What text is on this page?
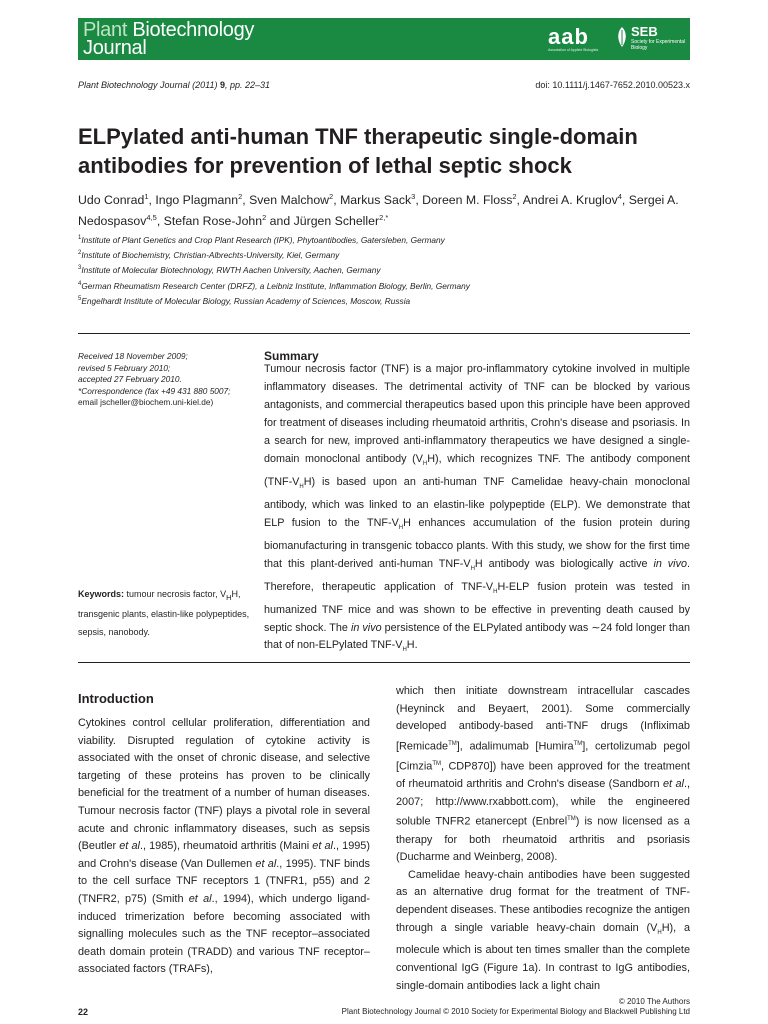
Plant Biotechnology
Journal	aab
Association of Applied Biologists
SEB
Society for Experimental Biology
Plant Biotechnology Journal (2011) 9, pp. 22–31	doi: 10.1111/j.1467-7652.2010.00523.x
ELPylated anti-human TNF therapeutic single-domain antibodies for prevention of lethal septic shock
Udo Conrad$^1$, Ingo Plagmann$^2$, Sven Malchow$^2$, Markus Sack$^3$, Doreen M. Floss$^2$, Andrei A. Kruglov$^4$, Sergei A. Nedospasov$^{4,5}$, Stefan Rose-John$^2$ and Jürgen Scheller$^{2,*}$
$^1$Institute of Plant Genetics and Crop Plant Research (IPK), Phytoantibodies, Gatersleben, Germany
$^2$Institute of Biochemistry, Christian-Albrechts-University, Kiel, Germany
$^3$Institute of Molecular Biotechnology, RWTH Aachen University, Aachen, Germany
$^4$German Rheumatism Research Center (DRFZ), a Leibniz Institute, Inflammation Biology, Berlin, Germany
$^5$Engelhardt Institute of Molecular Biology, Russian Academy of Sciences, Moscow, Russia
Received 18 November 2009;
revised 5 February 2010;
accepted 27 February 2010.
*Correspondence (fax +49 431 880 5007;
email jscheller@biochem.uni-kiel.de)
Keywords: tumour necrosis factor, $V_HH$, transgenic plants, elastin-like polypeptides, sepsis, nanobody.
Summary
Tumour necrosis factor (TNF) is a major pro-inflammatory cytokine involved in multiple inflammatory diseases. The detrimental activity of TNF can be blocked by various antagonists, and commercial therapeutics based upon this principle have been approved for treatment of diseases including rheumatoid arthritis, Crohn's disease and psoriasis. In a search for new, improved anti-inflammatory therapeutics we have designed a single-domain monoclonal antibody $(V_HH)$, which recognizes TNF. The antibody component $(TNF-V_HH)$ is based upon an anti-human TNF Camelidae heavy-chain monoclonal antibody, which was linked to an elastin-like polypeptide (ELP). We demonstrate that ELP fusion to the TNF-$V_HH$ enhances accumulation of the fusion protein during biomanufacturing in transgenic tobacco plants. With this study, we show for the first time that this plant-derived anti-human TNF-$V_HH$ antibody was biologically active in vivo. Therefore, therapeutic application of TNF-$V_HH$-ELP fusion protein was tested in humanized TNF mice and was shown to be effective in preventing death caused by septic shock. The in vivo persistence of the ELPylated antibody was ∼24 fold longer than that of non-ELPylated TNF-$V_HH$.
Introduction

Cytokines control cellular proliferation, differentiation and viability. Disrupted regulation of cytokine activity is associated with the onset of chronic disease, and selective targeting of these proteins has proven to be clinically beneficial for the treatment of a number of human diseases. Tumour necrosis factor (TNF) plays a pivotal role in several acute and chronic inflammatory diseases, such as sepsis (Beutler et al., 1985), rheumatoid arthritis (Maini et al., 1995) and Crohn's disease (Van Dullemen et al., 1995). TNF binds to the cell surface TNF receptors 1 (TNFR1, p55) and 2 (TNFR2, p75) (Smith et al., 1994), which undergo ligand-induced trimerization before becoming associated with signalling molecules such as the TNF receptor–associated death domain protein (TRADD) and various TNF receptor–associated factors (TRAFs),

which then initiate downstream intracellular cascades (Heyninck and Beyaert, 2001). Some commercially developed antibody-based anti-TNF drugs (Infliximab [Remicade™], adalimumab [Humira™], certolizumab pegol [Cimzia™, CDP870]) have been approved for the treatment of rheumatoid arthritis and Crohn's disease (Sandborn et al., 2007; http://www.rxabbott.com), while the engineered soluble TNFR2 etanercept (Enbrel™) is now licensed as a therapy for both rheumatoid arthritis and psoriasis (Ducharme and Weinberg, 2008).

Camelidae heavy-chain antibodies have been suggested as an alternative drug format for the treatment of TNF-dependent diseases. These antibodies recognize the antigen through a single variable heavy-chain domain $(V_HH)$, a molecule which is about ten times smaller than the complete conventional IgG (Figure 1a). In contrast to IgG antibodies, single-domain antibodies lack a light chain

© 2010 The Authors
22	Plant Biotechnology Journal © 2010 Society for Experimental Biology and Blackwell Publishing Ltd
